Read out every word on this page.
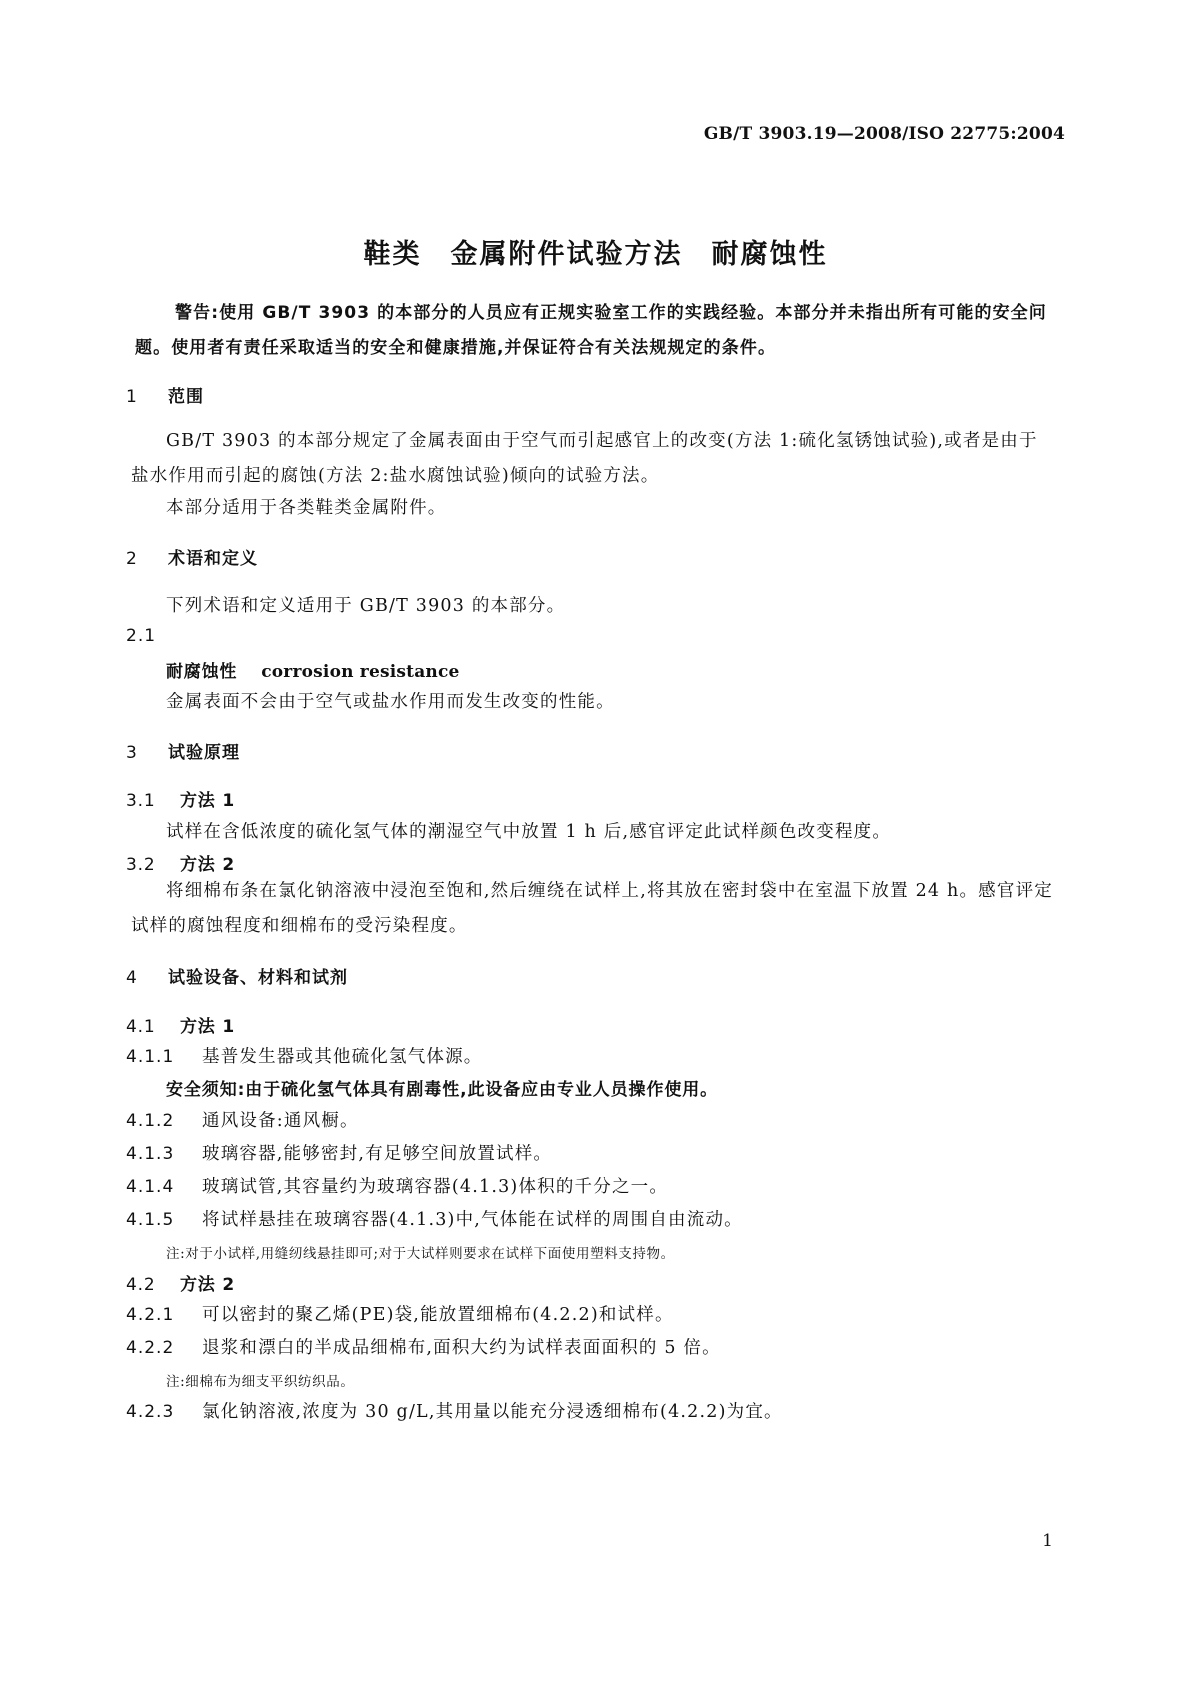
GB/T 3903.19—2008/ISO 22775:2004
鞋类　金属附件试验方法　耐腐蚀性
警告:使用 GB/T 3903 的本部分的人员应有正规实验室工作的实践经验。本部分并未指出所有可能的安全问题。使用者有责任采取适当的安全和健康措施,并保证符合有关法规规定的条件。
1 范围
GB/T 3903 的本部分规定了金属表面由于空气而引起感官上的改变(方法 1:硫化氢锈蚀试验),或者是由于盐水作用而引起的腐蚀(方法 2:盐水腐蚀试验)倾向的试验方法。
本部分适用于各类鞋类金属附件。
2 术语和定义
下列术语和定义适用于 GB/T 3903 的本部分。
2.1
耐腐蚀性 corrosion resistance
金属表面不会由于空气或盐水作用而发生改变的性能。
3 试验原理
3.1 方法 1
试样在含低浓度的硫化氢气体的潮湿空气中放置 1 h 后,感官评定此试样颜色改变程度。
3.2 方法 2
将细棉布条在氯化钠溶液中浸泡至饱和,然后缠绕在试样上,将其放在密封袋中在室温下放置 24 h。感官评定试样的腐蚀程度和细棉布的受污染程度。
4 试验设备、材料和试剂
4.1 方法 1
4.1.1 基普发生器或其他硫化氢气体源。
安全须知:由于硫化氢气体具有剧毒性,此设备应由专业人员操作使用。
4.1.2 通风设备:通风橱。
4.1.3 玻璃容器,能够密封,有足够空间放置试样。
4.1.4 玻璃试管,其容量约为玻璃容器(4.1.3)体积的千分之一。
4.1.5 将试样悬挂在玻璃容器(4.1.3)中,气体能在试样的周围自由流动。
注:对于小试样,用缝纫线悬挂即可;对于大试样则要求在试样下面使用塑料支持物。
4.2 方法 2
4.2.1 可以密封的聚乙烯(PE)袋,能放置细棉布(4.2.2)和试样。
4.2.2 退浆和漂白的半成品细棉布,面积大约为试样表面面积的 5 倍。
注:细棉布为细支平织纺织品。
4.2.3 氯化钠溶液,浓度为 30 g/L,其用量以能充分浸透细棉布(4.2.2)为宜。
1
